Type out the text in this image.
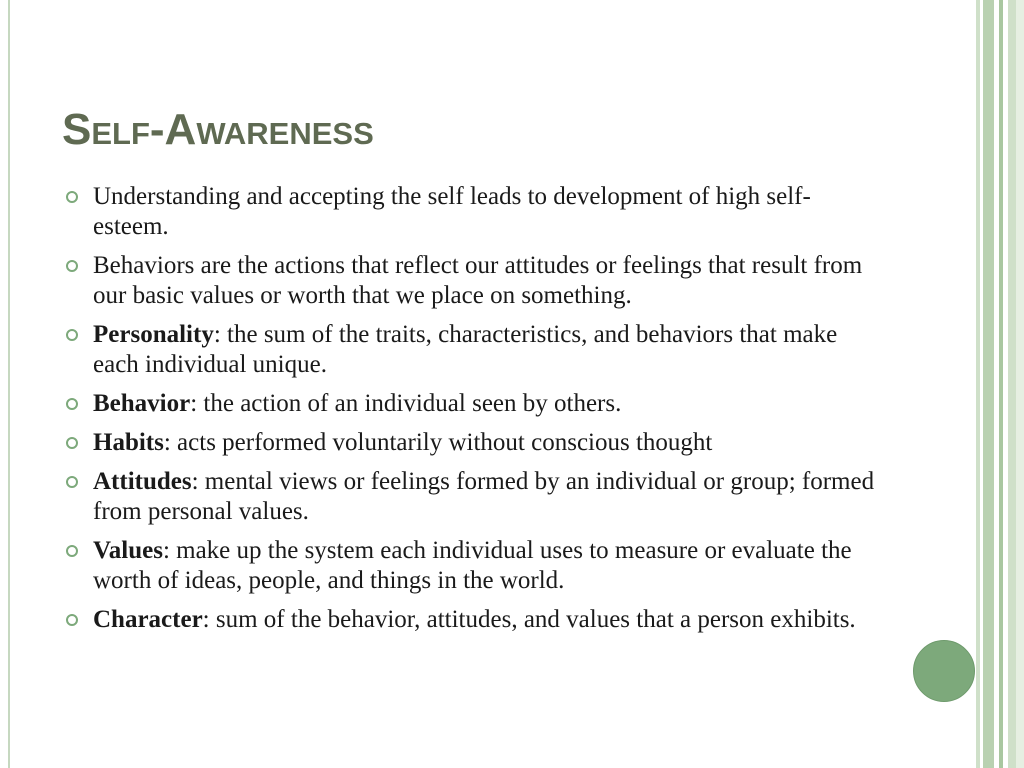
Self-Awareness
Understanding and accepting the self leads to development of high self-esteem.
Behaviors are the actions that reflect our attitudes or feelings that result from our basic values or worth that we place on something.
Personality: the sum of the traits, characteristics, and behaviors that make each individual unique.
Behavior: the action of an individual seen by others.
Habits: acts performed voluntarily without conscious thought
Attitudes: mental views or feelings formed by an individual or group; formed from personal values.
Values: make up the system each individual uses to measure or evaluate the worth of ideas, people, and things in the world.
Character: sum of the behavior, attitudes, and values that a person exhibits.
